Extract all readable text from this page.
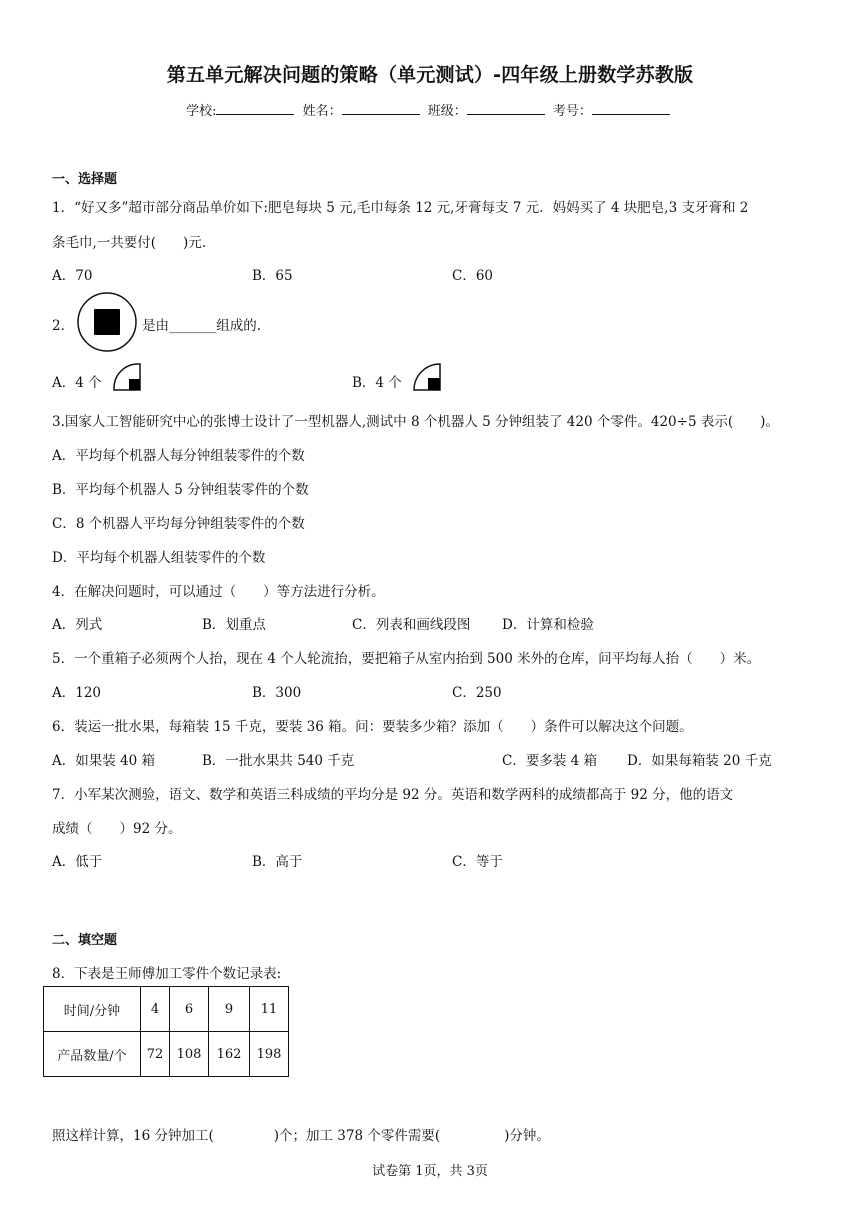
第五单元解决问题的策略（单元测试）-四年级上册数学苏教版
学校:	姓名：	班级：	考号：
一、选择题
1．“好又多”超市部分商品单价如下:肥皂每块 5 元,毛巾每条 12 元,牙膏每支 7 元．妈妈买了 4 块肥皂,3 支牙膏和 2
条毛巾,一共要付(　　)元.
A．70	B．65	C．60
2．	是由_______组成的.
A．4 个	B．4 个
3.国家人工智能研究中心的张博士设计了一型机器人,测试中 8 个机器人 5 分钟组装了 420 个零件。420÷5 表示(　　)。
A．平均每个机器人每分钟组装零件的个数
B．平均每个机器人 5 分钟组装零件的个数
C．8 个机器人平均每分钟组装零件的个数
D．平均每个机器人组装零件的个数
4．在解决问题时，可以通过（　　）等方法进行分析。
A．列式	B．划重点	C．列表和画线段图 D．计算和检验
5．一个重箱子必须两个人抬，现在 4 个人轮流抬，要把箱子从室内抬到 500 米外的仓库，问平均每人抬（　　）米。
A．120	B．300	C．250
6．装运一批水果，每箱装 15 千克，要装 36 箱。问：要装多少箱？添加（　　）条件可以解决这个问题。
A．如果装 40 箱	B．一批水果共 540 千克	C．要多装 4 箱 D．如果每箱装 20 千克
7．小军某次测验，语文、数学和英语三科成绩的平均分是 92 分。英语和数学两科的成绩都高于 92 分，他的语文
成绩（　　）92 分。
A．低于	B．高于	C．等于
二、填空题
8．下表是王师傅加工零件个数记录表:
时间/分钟	4	6	9	11
产品数量/个	72	108	162	198
照这样计算，16 分钟加工(	)个；加工 378 个零件需要(	)分钟。
试卷第 1页，共 3页
